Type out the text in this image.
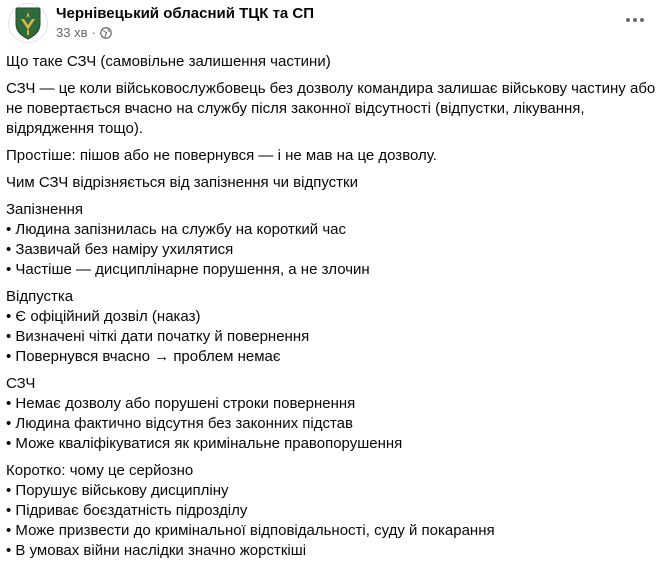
Чернівецький обласний ТЦК та СП
33 хв ·

Що таке СЗЧ (самовільне залишення частини)

СЗЧ — це коли військовослужбовець без дозволу командира залишає військову частину або не повертається вчасно на службу після законної відсутності (відпустки, лікування, відрядження тощо).

Простіше: пішов або не повернувся — і не мав на це дозволу.

Чим СЗЧ відрізняється від запізнення чи відпустки

Запізнення
• Людина запізнилась на службу на короткий час
• Зазвичай без наміру ухилятися
• Частіше — дисциплінарне порушення, а не злочин
Відпустка
• Є офіційний дозвіл (наказ)
• Визначені чіткі дати початку й повернення
• Повернувся вчасно → проблем немає
СЗЧ
• Немає дозволу або порушені строки повернення
• Людина фактично відсутня без законних підстав
• Може кваліфікуватися як кримінальне правопорушення
Коротко: чому це серйозно
• Порушує військову дисципліну
• Підриває боєздатність підрозділу
• Може призвести до кримінальної відповідальності, суду й покарання
• В умовах війни наслідки значно жорсткіші
